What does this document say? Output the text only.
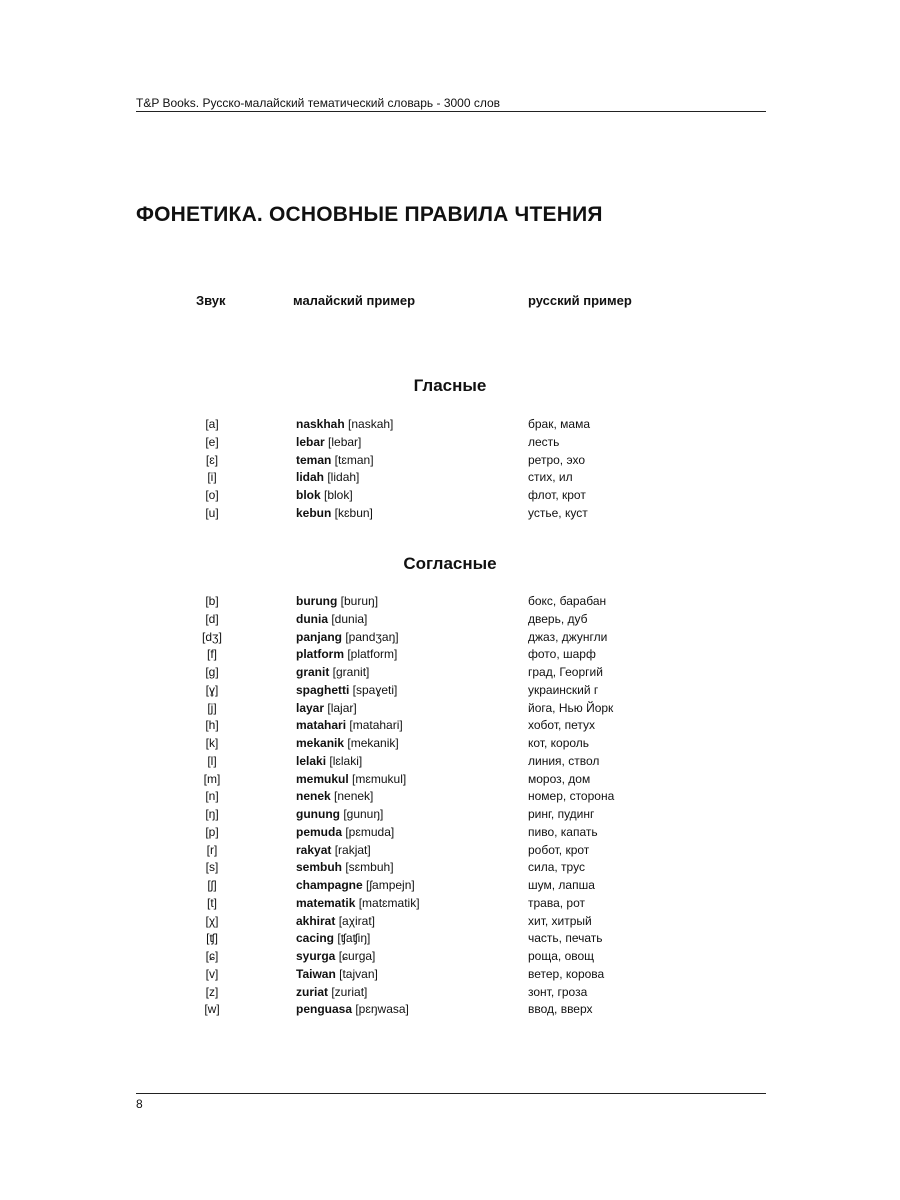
T&P Books. Русско-малайский тематический словарь - 3000 слов
ФОНЕТИКА. ОСНОВНЫЕ ПРАВИЛА ЧТЕНИЯ
Звук	малайский пример	русский пример
Гласные
[a]	naskhah [naskah]	брак, мама
[e]	lebar [lebar]	лесть
[ɛ]	teman [tɛman]	ретро, эхо
[i]	lidah [lidah]	стих, ил
[o]	blok [blok]	флот, крот
[u]	kebun [kɛbun]	устье, куст
Согласные
[b]	burung [buruŋ]	бокс, барабан
[d]	dunia [dunia]	дверь, дуб
[dʒ]	panjang [pandʒaŋ]	джаз, джунгли
[f]	platform [platform]	фото, шарф
[g]	granit [granit]	град, Георгий
[ɣ]	spaghetti [spaɣeti]	украинский г
[j]	layar [lajar]	йога, Нью Йорк
[h]	matahari [matahari]	хобот, петух
[k]	mekanik [mekanik]	кот, король
[l]	lelaki [lɛlaki]	линия, ствол
[m]	memukul [mɛmukul]	мороз, дом
[n]	nenek [nenek]	номер, сторона
[ŋ]	gunung [gunuŋ]	ринг, пудинг
[p]	pemuda [pɛmuda]	пиво, капать
[r]	rakyat [rakjat]	робот, крот
[s]	sembuh [sɛmbuh]	сила, трус
[ʃ]	champagne [ʃampejn]	шум, лапша
[t]	matematik [matɛmatik]	трава, рот
[χ]	akhirat [aχirat]	хит, хитрый
[ʧ]	cacing [ʧaʧiŋ]	часть, печать
[ɕ]	syurga [ɕurga]	роща, овощ
[v]	Taiwan [tajvan]	ветер, корова
[z]	zuriat [zuriat]	зонт, гроза
[w]	penguasa [pɛŋwasa]	ввод, вверх
8
